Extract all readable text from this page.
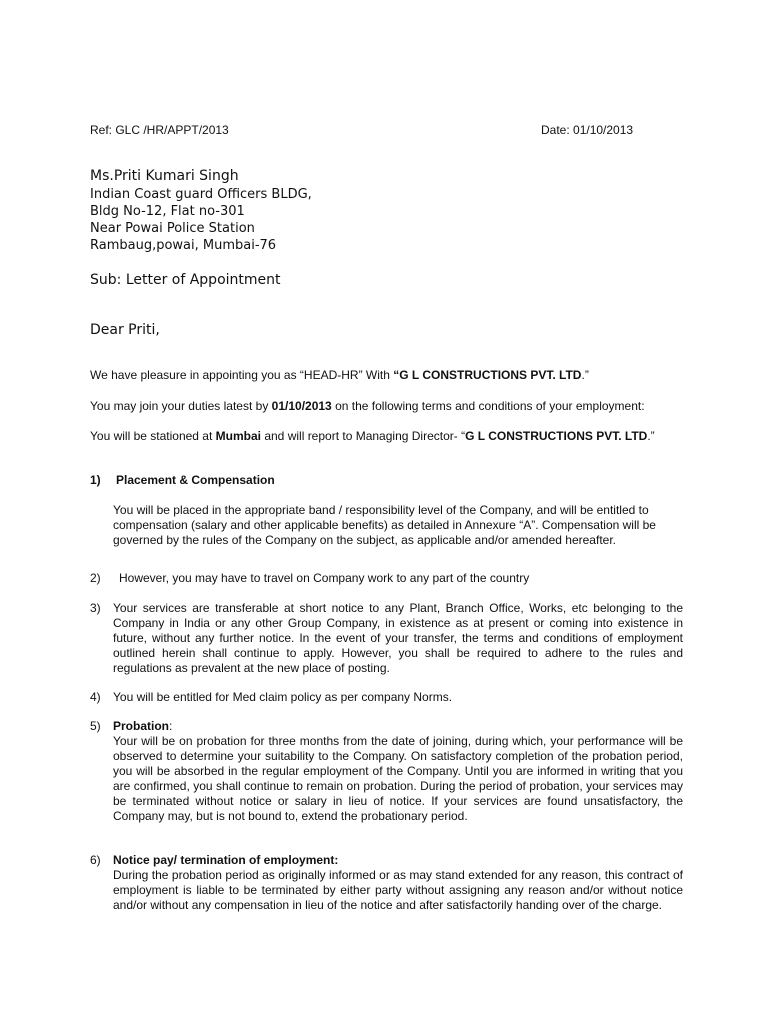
Ref: GLC /HR/APPT/2013	Date: 01/10/2013
Ms.Priti Kumari Singh
Indian Coast guard Officers BLDG,
Bldg No-12, Flat no-301
Near Powai Police Station
Rambaug,powai, Mumbai-76
Sub: Letter of Appointment
Dear Priti,
We have pleasure in appointing you as “HEAD-HR” With “G L CONSTRUCTIONS PVT. LTD.”
You may join your duties latest by 01/10/2013 on the following terms and conditions of your employment:
You will be stationed at Mumbai and will report to Managing Director- “G L CONSTRUCTIONS PVT. LTD.”
1) Placement & Compensation
You will be placed in the appropriate band / responsibility level of the Company, and will be entitled to compensation (salary and other applicable benefits) as detailed in Annexure “A”. Compensation will be governed by the rules of the Company on the subject, as applicable and/or amended hereafter.
2) However, you may have to travel on Company work to any part of the country
3) Your services are transferable at short notice to any Plant, Branch Office, Works, etc belonging to the Company in India or any other Group Company, in existence as at present or coming into existence in future, without any further notice. In the event of your transfer, the terms and conditions of employment outlined herein shall continue to apply. However, you shall be required to adhere to the rules and regulations as prevalent at the new place of posting.
4) You will be entitled for Med claim policy as per company Norms.
5) Probation:
Your will be on probation for three months from the date of joining, during which, your performance will be observed to determine your suitability to the Company. On satisfactory completion of the probation period, you will be absorbed in the regular employment of the Company. Until you are informed in writing that you are confirmed, you shall continue to remain on probation. During the period of probation, your services may be terminated without notice or salary in lieu of notice. If your services are found unsatisfactory, the Company may, but is not bound to, extend the probationary period.
6) Notice pay/ termination of employment:
During the probation period as originally informed or as may stand extended for any reason, this contract of employment is liable to be terminated by either party without assigning any reason and/or without notice and/or without any compensation in lieu of the notice and after satisfactorily handing over of the charge.
